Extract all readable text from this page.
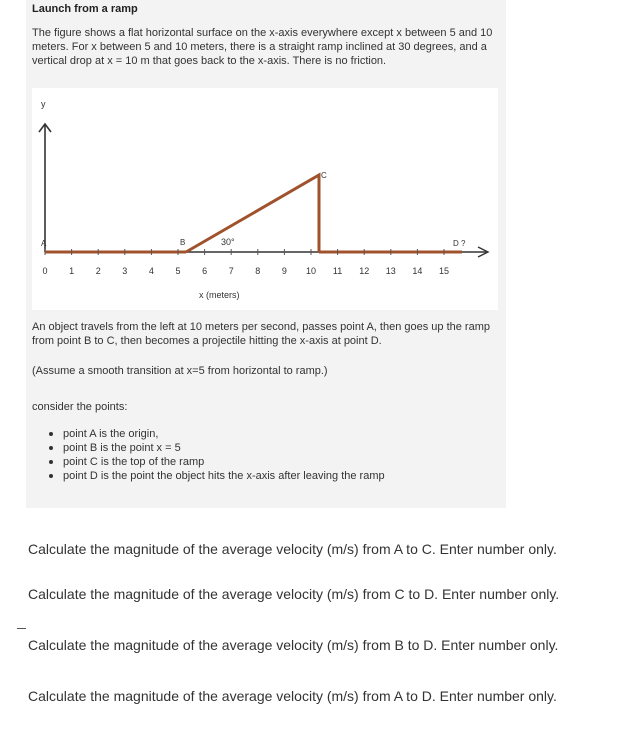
Launch from a ramp
The figure shows a flat horizontal surface on the x-axis everywhere except x between 5 and 10 meters. For x between 5 and 10 meters, there is a straight ramp inclined at 30 degrees, and a vertical drop at x = 10 m that goes back to the x-axis. There is no friction.
y
0 1 2 3 4 5 6 7 8 9 10 11 12 13 14 15
A	B
C
D ?
30°
x (meters)
An object travels from the left at 10 meters per second, passes point A, then goes up the ramp from point B to C, then becomes a projectile hitting the x-axis at point D.
(Assume a smooth transition at x=5 from horizontal to ramp.)
consider the points:
point A is the origin,
point B is the point x = 5
point C is the top of the ramp
point D is the point the object hits the x-axis after leaving the ramp
Calculate the magnitude of the average velocity (m/s) from A to C. Enter number only.
Calculate the magnitude of the average velocity (m/s) from C to D. Enter number only.
Calculate the magnitude of the average velocity (m/s) from B to D. Enter number only.
Calculate the magnitude of the average velocity (m/s) from A to D. Enter number only.
